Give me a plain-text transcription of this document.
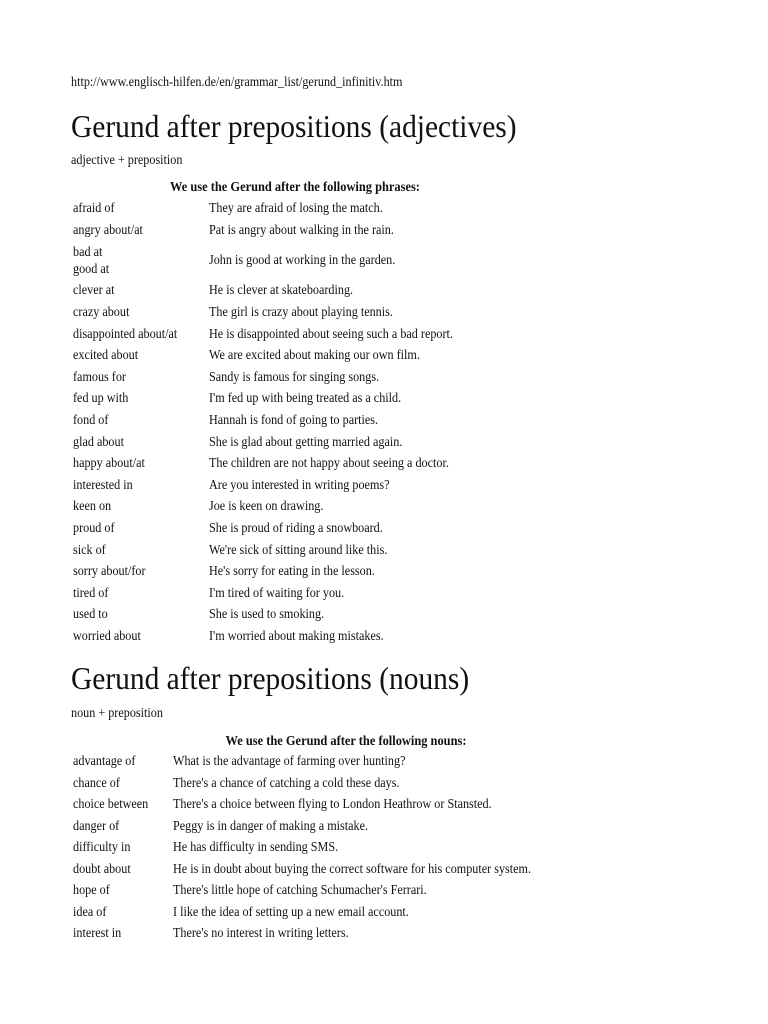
http://www.englisch-hilfen.de/en/grammar_list/gerund_infinitiv.htm
Gerund after prepositions (adjectives)
adjective + preposition
We use the Gerund after the following phrases:
afraid of	They are afraid of losing the match.
angry about/at	Pat is angry about walking in the rain.

bad at
good at	John is good at working in the garden.
clever at	He is clever at skateboarding.
crazy about	The girl is crazy about playing tennis.
disappointed about/at	He is disappointed about seeing such a bad report.
excited about	We are excited about making our own film.
famous for	Sandy is famous for singing songs.
fed up with	I'm fed up with being treated as a child.
fond of	Hannah is fond of going to parties.
glad about	She is glad about getting married again.
happy about/at	The children are not happy about seeing a doctor.
interested in	Are you interested in writing poems?
keen on	Joe is keen on drawing.
proud of	She is proud of riding a snowboard.
sick of	We're sick of sitting around like this.
sorry about/for	He's sorry for eating in the lesson.
tired of	I'm tired of waiting for you.
used to	She is used to smoking.
worried about	I'm worried about making mistakes.
Gerund after prepositions (nouns)
noun + preposition
We use the Gerund after the following nouns:
advantage of	What is the advantage of farming over hunting?
chance of	There's a chance of catching a cold these days.
choice between	There's a choice between flying to London Heathrow or Stansted.
danger of	Peggy is in danger of making a mistake.
difficulty in	He has difficulty in sending SMS.
doubt about	He is in doubt about buying the correct software for his computer system.
hope of	There's little hope of catching Schumacher's Ferrari.
idea of	I like the idea of setting up a new email account.
interest in	There's no interest in writing letters.
